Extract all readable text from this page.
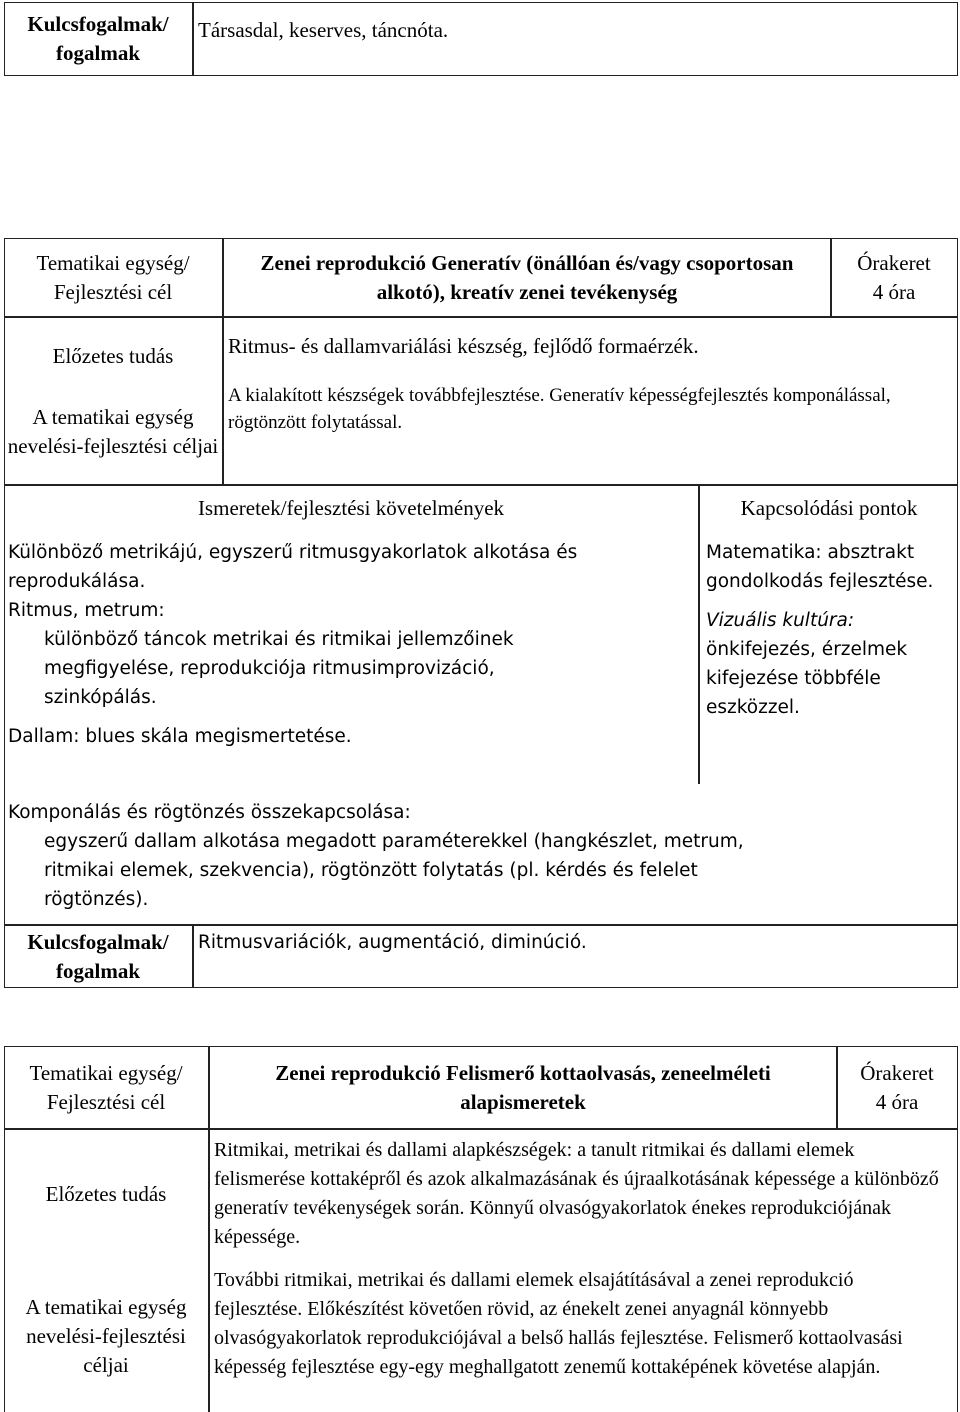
Kulcsfogalmak/ fogalmak
Társasdal, keserves, táncnóta.
Tematikai egység/ Fejlesztési cél
Zenei reprodukció Generatív (önállóan és/vagy csoportosan alkotó), kreatív zenei tevékenység
Órakeret
4 óra
Előzetes tudás	Ritmus- és dallamvariálási készség, fejlődő formaérzék.
A tematikai egység nevelési-fejlesztési céljai
A kialakított készségek továbbfejlesztése. Generatív képességfejlesztés komponálással, rögtönzött folytatással.
Ismeretek/fejlesztési követelmények	Kapcsolódási pontok

Különböző metrikájú, egyszerű ritmusgyakorlatok alkotása és reprodukálása.

Ritmus, metrum:

különböző táncok metrikai és ritmikai jellemzőinek megfigyelése, reprodukciója ritmusimprovizáció, szinkópálás.

Dallam: blues skála megismertetése.

Matematika: absztrakt gondolkodás fejlesztése.

Vizuális kultúra:

önkifejezés, érzelmek kifejezése többféle eszközzel.

Komponálás és rögtönzés összekapcsolása:

egyszerű dallam alkotása megadott paraméterekkel (hangkészlet, metrum, ritmikai elemek, szekvencia), rögtönzött folytatás (pl. kérdés és felelet rögtönzés).

Kulcsfogalmak/ fogalmak
Ritmusvariációk, augmentáció, diminúció.
Tematikai egység/ Fejlesztési cél
Zenei reprodukció Felismerő kottaolvasás, zeneelméleti alapismeretek
Órakeret
4 óra
Előzetes tudás
Ritmikai, metrikai és dallami alapkészségek: a tanult ritmikai és dallami elemek felismerése kottaképről és azok alkalmazásának és újraalkotásának képessége a különböző generatív tevékenységek során. Könnyű olvasógyakorlatok énekes reprodukciójának képessége.
A tematikai egység nevelési-fejlesztési céljai
További ritmikai, metrikai és dallami elemek elsajátításával a zenei reprodukció fejlesztése. Előkészítést követően rövid, az énekelt zenei anyagnál könnyebb olvasógyakorlatok reprodukciójával a belső hallás fejlesztése. Felismerő kottaolvasási képesség fejlesztése egy-egy meghallgatott zenemű kottaképének követése alapján.
